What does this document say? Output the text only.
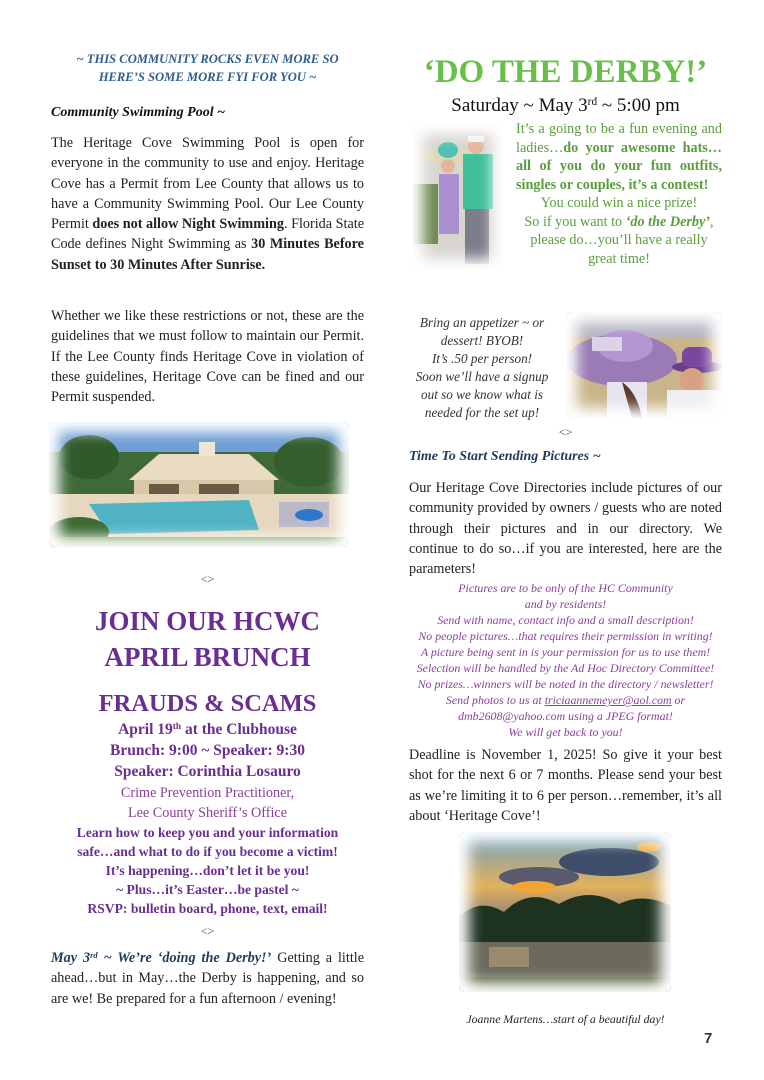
~ THIS COMMUNITY ROCKS EVEN MORE SO
HERE’S SOME MORE FYI FOR YOU ~
Community Swimming Pool ~

The Heritage Cove Swimming Pool is open for everyone in the community to use and enjoy. Heritage Cove has a Permit from Lee County that allows us to have a Community Swimming Pool. Our Lee County Permit does not allow Night Swimming. Florida State Code defines Night Swimming as 30 Minutes Before Sunset to 30 Minutes After Sunrise.

Whether we like these restrictions or not, these are the guidelines that we must follow to maintain our Permit. If the Lee County finds Heritage Cove in violation of these guidelines, Heritage Cove can be fined and our Permit suspended.

<>
JOIN OUR HCWC
APRIL BRUNCH
FRAUDS & SCAMS
April 19th at the Clubhouse
Brunch: 9:00 ~ Speaker: 9:30
Speaker: Corinthia Losauro
Crime Prevention Practitioner,
Lee County Sheriff’s Office
Learn how to keep you and your information
safe…and what to do if you become a victim!
It’s happening…don’t let it be you!
~ Plus…it’s Easter…be pastel ~
RSVP: bulletin board, phone, text, email!
<>

May 3rd ~ We’re ‘doing the Derby!’ Getting a little ahead…but in May…the Derby is happening, and so are we! Be prepared for a fun afternoon / evening!

‘DO THE DERBY!’
Saturday ~ May 3rd ~ 5:00 pm
It’s a going to be a fun evening and ladies…do your awesome hats… all of you do your fun outfits, singles or couples, it’s a contest!
You could win a nice prize!
So if you want to ‘do the Derby’,
please do…you’ll have a really
great time!
Bring an appetizer ~ or
dessert! BYOB!
It’s .50 per person!
Soon we’ll have a signup
out so we know what is
needed for the set up!
<>
Time To Start Sending Pictures ~

Our Heritage Cove Directories include pictures of our community provided by owners / guests who are noted through their pictures and in our directory. We continue to do so…if you are interested, here are the parameters!

Pictures are to be only of the HC Community
and by residents!
Send with name, contact info and a small description!
No people pictures…that requires their permission in writing!
A picture being sent in is your permission for us to use them!
Selection will be handled by the Ad Hoc Directory Committee!
No prizes…winners will be noted in the directory / newsletter!
Send photos to us at triciaannemeyer@aol.com or
dmb2608@yahoo.com using a JPEG format!
We will get back to you!

Deadline is November 1, 2025! So give it your best shot for the next 6 or 7 months. Please send your best as we’re limiting it to 6 per person…remember, it’s all about ‘Heritage Cove’!

Joanne Martens…start of a beautiful day!
7
